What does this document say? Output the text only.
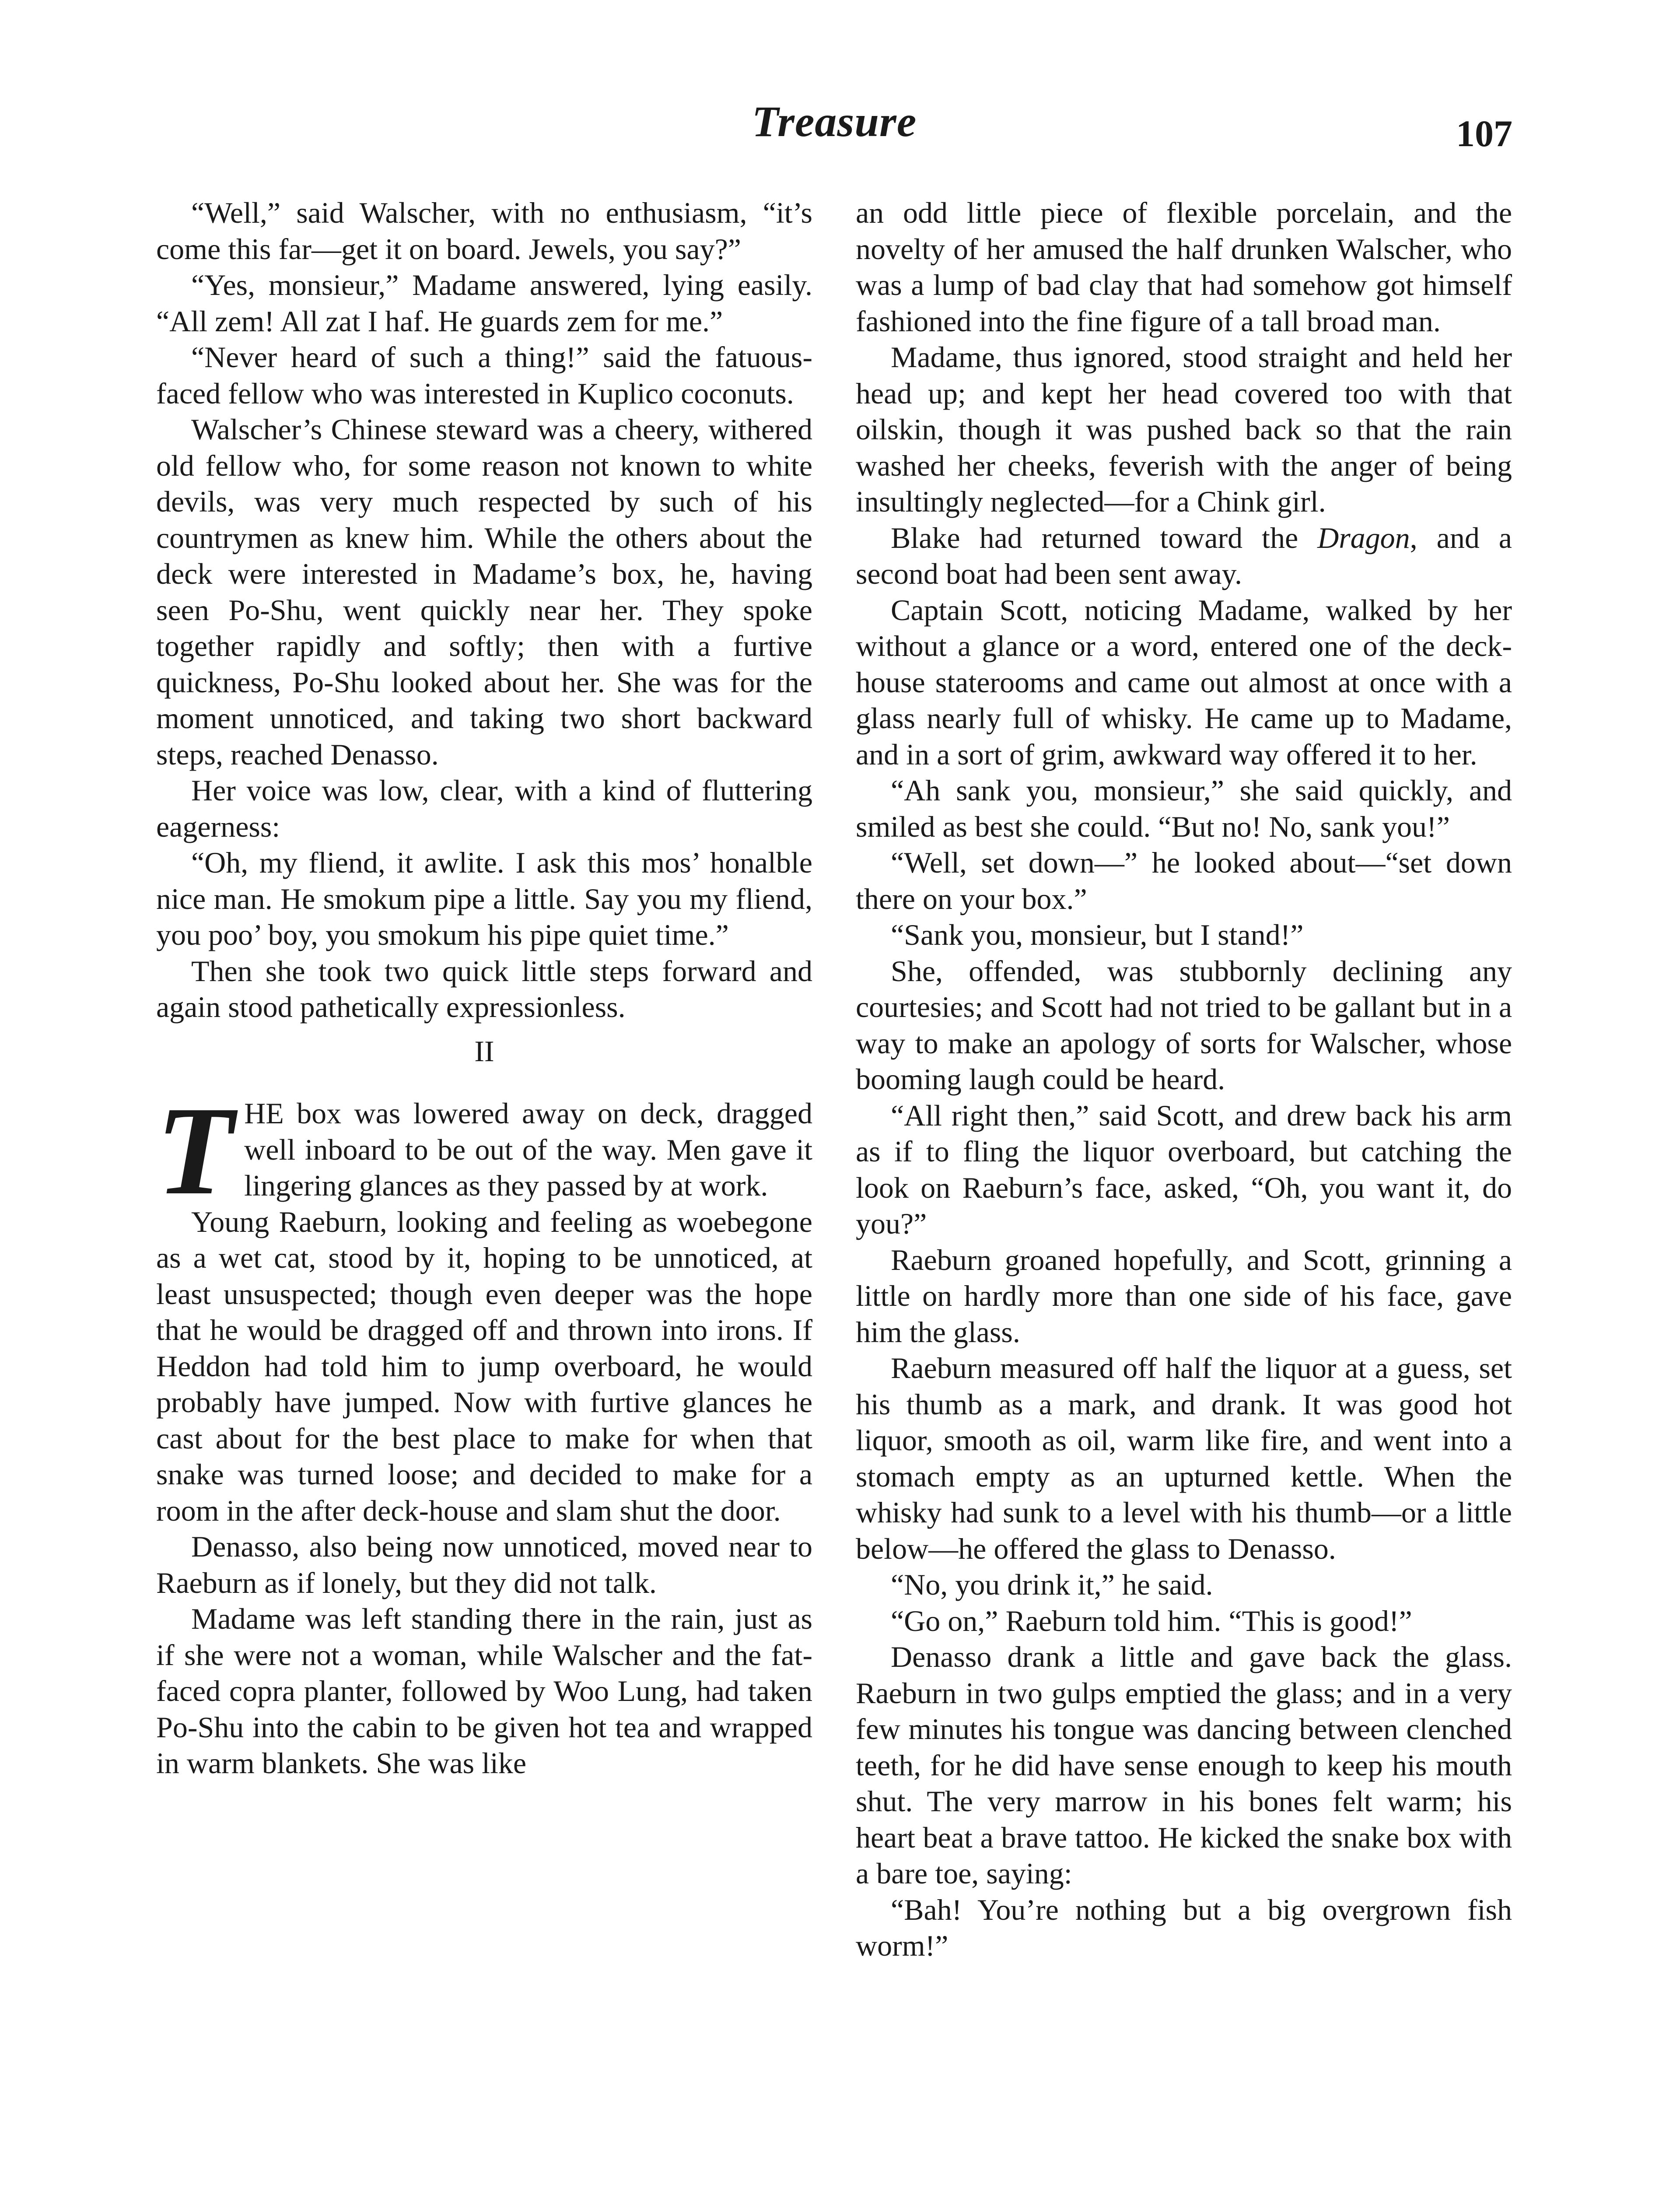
Treasure	107

“Well,” said Walscher, with no enthusiasm, “it’s come this far—get it on board. Jewels, you say?”

“Yes, monsieur,” Madame answered, lying easily. “All zem! All zat I haf. He guards zem for me.”

“Never heard of such a thing!” said the fatuous-faced fellow who was interested in Kuplico coconuts.

Walscher’s Chinese steward was a cheery, withered old fellow who, for some reason not known to white devils, was very much respected by such of his countrymen as knew him. While the others about the deck were interested in Madame’s box, he, having seen Po-Shu, went quickly near her. They spoke together rapidly and softly; then with a furtive quickness, Po-Shu looked about her. She was for the moment unnoticed, and taking two short backward steps, reached Denasso.

Her voice was low, clear, with a kind of fluttering eagerness:

“Oh, my fliend, it awlite. I ask this mos’ honalble nice man. He smokum pipe a little. Say you my fliend, you poo’ boy, you smokum his pipe quiet time.”

Then she took two quick little steps forward and again stood pathetically expressionless.

II

THE box was lowered away on deck, dragged well inboard to be out of the way. Men gave it lingering glances as they passed by at work.

Young Raeburn, looking and feeling as woebegone as a wet cat, stood by it, hoping to be unnoticed, at least unsuspected; though even deeper was the hope that he would be dragged off and thrown into irons. If Heddon had told him to jump overboard, he would probably have jumped. Now with furtive glances he cast about for the best place to make for when that snake was turned loose; and decided to make for a room in the after deck-house and slam shut the door.

Denasso, also being now unnoticed, moved near to Raeburn as if lonely, but they did not talk.

Madame was left standing there in the rain, just as if she were not a woman, while Walscher and the fat-faced copra planter, followed by Woo Lung, had taken Po-Shu into the cabin to be given hot tea and wrapped in warm blankets. She was like

an odd little piece of flexible porcelain, and the novelty of her amused the half drunken Walscher, who was a lump of bad clay that had somehow got himself fashioned into the fine figure of a tall broad man.

Madame, thus ignored, stood straight and held her head up; and kept her head covered too with that oilskin, though it was pushed back so that the rain washed her cheeks, feverish with the anger of being insultingly neglected—for a Chink girl.

Blake had returned toward the Dragon, and a second boat had been sent away.

Captain Scott, noticing Madame, walked by her without a glance or a word, entered one of the deck-house staterooms and came out almost at once with a glass nearly full of whisky. He came up to Madame, and in a sort of grim, awkward way offered it to her.

“Ah sank you, monsieur,” she said quickly, and smiled as best she could. “But no! No, sank you!”

“Well, set down—” he looked about—“set down there on your box.”

“Sank you, monsieur, but I stand!”

She, offended, was stubbornly declining any courtesies; and Scott had not tried to be gallant but in a way to make an apology of sorts for Walscher, whose booming laugh could be heard.

“All right then,” said Scott, and drew back his arm as if to fling the liquor overboard, but catching the look on Raeburn’s face, asked, “Oh, you want it, do you?”

Raeburn groaned hopefully, and Scott, grinning a little on hardly more than one side of his face, gave him the glass.

Raeburn measured off half the liquor at a guess, set his thumb as a mark, and drank. It was good hot liquor, smooth as oil, warm like fire, and went into a stomach empty as an upturned kettle. When the whisky had sunk to a level with his thumb—or a little below—he offered the glass to Denasso.

“No, you drink it,” he said.

“Go on,” Raeburn told him. “This is good!”

Denasso drank a little and gave back the glass. Raeburn in two gulps emptied the glass; and in a very few minutes his tongue was dancing between clenched teeth, for he did have sense enough to keep his mouth shut. The very marrow in his bones felt warm; his heart beat a brave tattoo. He kicked the snake box with a bare toe, saying:

“Bah! You’re nothing but a big overgrown fish worm!”
